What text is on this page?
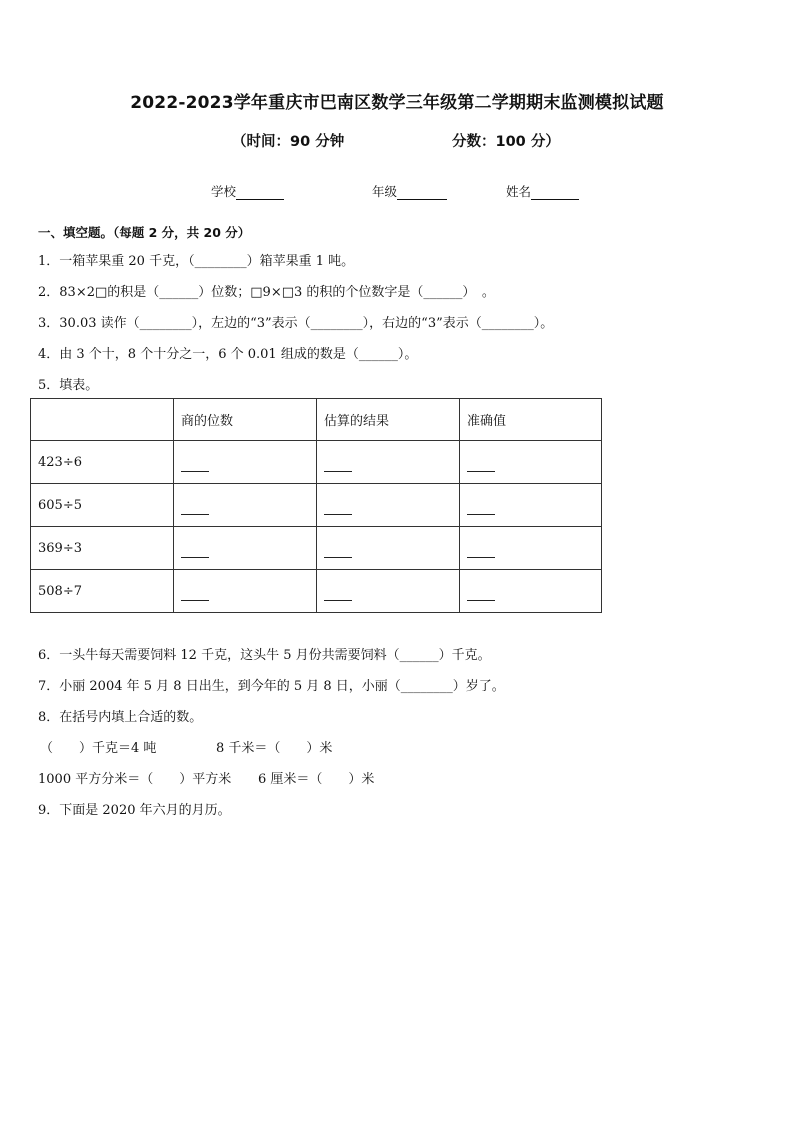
2022-2023学年重庆市巴南区数学三年级第二学期期末监测模拟试题
（时间：90 分钟	分数：100 分）
学校	年级	姓名
一、填空题。（每题 2 分，共 20 分）
1．一箱苹果重 20 千克，（________）箱苹果重 1 吨。
2．83×2□的积是（______）位数；□9×□3 的积的个位数字是（______）　。
3．30.03 读作（________），左边的“3”表示（________），右边的“3”表示（________）。
4．由 3 个十，8 个十分之一，6 个 0.01 组成的数是（______）。
5．填表。
	商的位数	估算的结果	准确值
423÷6			
605÷5			
369÷3			
508÷7			
6．一头牛每天需要饲料 12 千克，这头牛 5 月份共需要饲料（______）千克。
7．小丽 2004 年 5 月 8 日出生，到今年的 5 月 8 日，小丽（________）岁了。
8．在括号内填上合适的数。
（　　）千克＝4 吨	8 千米＝（　　）米
1000 平方分米＝（　　）平方米 6 厘米＝（　　）米
9．下面是 2020 年六月的月历。
